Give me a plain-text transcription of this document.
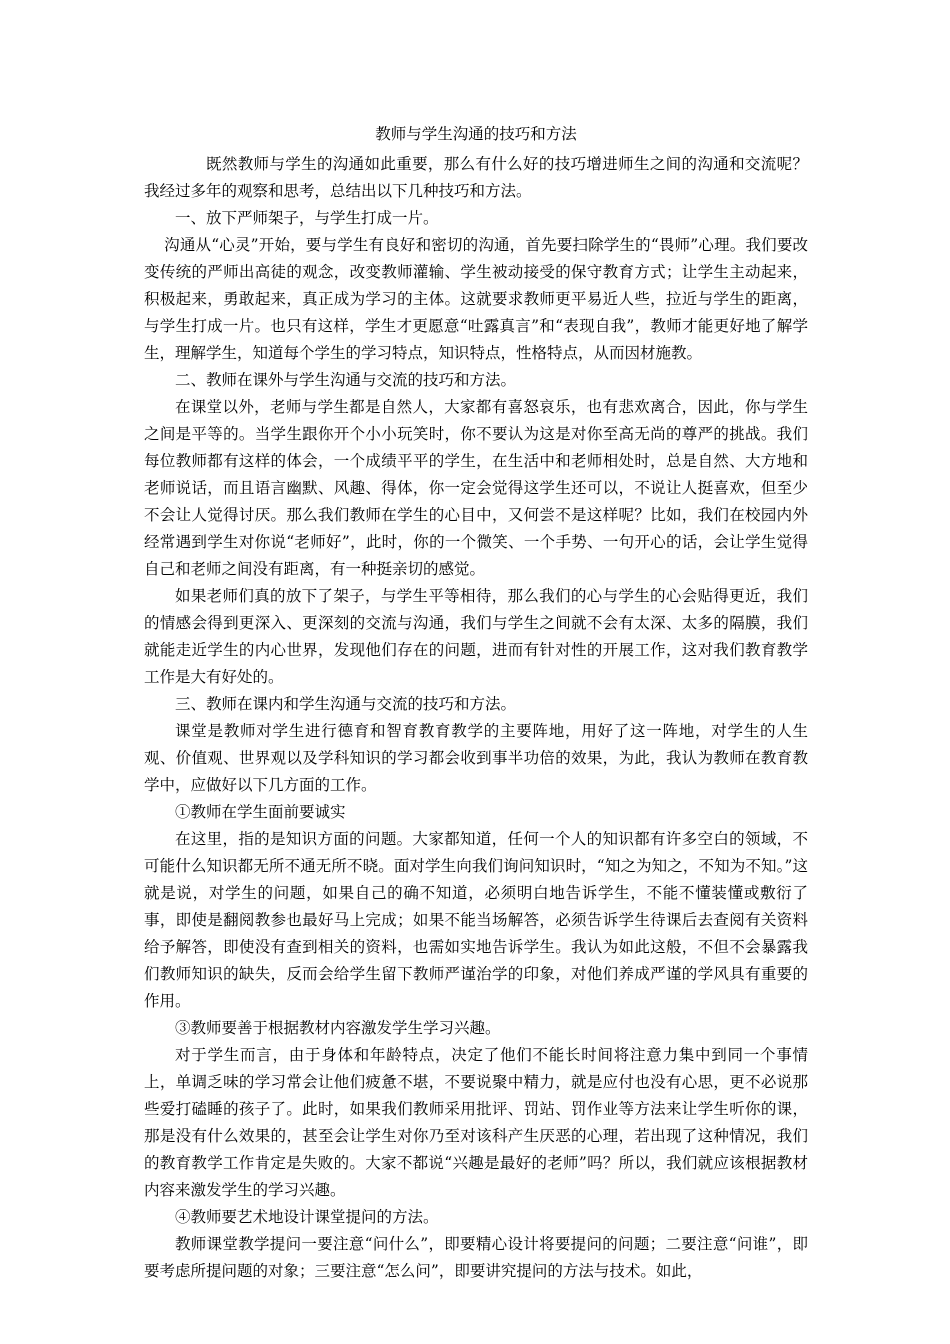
教师与学生沟通的技巧和方法

既然教师与学生的沟通如此重要，那么有什么好的技巧增进师生之间的沟通和交流呢？我经过多年的观察和思考，总结出以下几种技巧和方法。

一、放下严师架子，与学生打成一片。

沟通从“心灵”开始，要与学生有良好和密切的沟通，首先要扫除学生的“畏师”心理。我们要改变传统的严师出高徒的观念，改变教师灌输、学生被动接受的保守教育方式；让学生主动起来，积极起来，勇敢起来，真正成为学习的主体。这就要求教师更平易近人些，拉近与学生的距离，与学生打成一片。也只有这样，学生才更愿意“吐露真言”和“表现自我”，教师才能更好地了解学生，理解学生，知道每个学生的学习特点，知识特点，性格特点，从而因材施教。

二、教师在课外与学生沟通与交流的技巧和方法。

在课堂以外，老师与学生都是自然人，大家都有喜怒哀乐，也有悲欢离合，因此，你与学生之间是平等的。当学生跟你开个小小玩笑时，你不要认为这是对你至高无尚的尊严的挑战。我们每位教师都有这样的体会，一个成绩平平的学生，在生活中和老师相处时，总是自然、大方地和老师说话，而且语言幽默、风趣、得体，你一定会觉得这学生还可以，不说让人挺喜欢，但至少不会让人觉得讨厌。那么我们教师在学生的心目中，又何尝不是这样呢？比如，我们在校园内外经常遇到学生对你说“老师好”，此时，你的一个微笑、一个手势、一句开心的话，会让学生觉得自己和老师之间没有距离，有一种挺亲切的感觉。

如果老师们真的放下了架子，与学生平等相待，那么我们的心与学生的心会贴得更近，我们的情感会得到更深入、更深刻的交流与沟通，我们与学生之间就不会有太深、太多的隔膜，我们就能走近学生的内心世界，发现他们存在的问题，进而有针对性的开展工作，这对我们教育教学工作是大有好处的。

三、教师在课内和学生沟通与交流的技巧和方法。

课堂是教师对学生进行德育和智育教育教学的主要阵地，用好了这一阵地，对学生的人生观、价值观、世界观以及学科知识的学习都会收到事半功倍的效果，为此，我认为教师在教育教学中，应做好以下几方面的工作。

①教师在学生面前要诚实

在这里，指的是知识方面的问题。大家都知道，任何一个人的知识都有许多空白的领域，不可能什么知识都无所不通无所不晓。面对学生向我们询问知识时，“知之为知之，不知为不知。”这就是说，对学生的问题，如果自己的确不知道，必须明白地告诉学生，不能不懂装懂或敷衍了事，即使是翻阅教参也最好马上完成；如果不能当场解答，必须告诉学生待课后去查阅有关资料给予解答，即使没有查到相关的资料，也需如实地告诉学生。我认为如此这般，不但不会暴露我们教师知识的缺失，反而会给学生留下教师严谨治学的印象，对他们养成严谨的学风具有重要的作用。

③教师要善于根据教材内容激发学生学习兴趣。

对于学生而言，由于身体和年龄特点，决定了他们不能长时间将注意力集中到同一个事情上，单调乏味的学习常会让他们疲惫不堪，不要说聚中精力，就是应付也没有心思，更不必说那些爱打磕睡的孩子了。此时，如果我们教师采用批评、罚站、罚作业等方法来让学生听你的课，那是没有什么效果的，甚至会让学生对你乃至对该科产生厌恶的心理，若出现了这种情况，我们的教育教学工作肯定是失败的。大家不都说“兴趣是最好的老师”吗？所以，我们就应该根据教材内容来激发学生的学习兴趣。

④教师要艺术地设计课堂提问的方法。

教师课堂教学提问一要注意“问什么”，即要精心设计将要提问的问题；二要注意“问谁”，即要考虑所提问题的对象；三要注意“怎么问”，即要讲究提问的方法与技术。如此，
